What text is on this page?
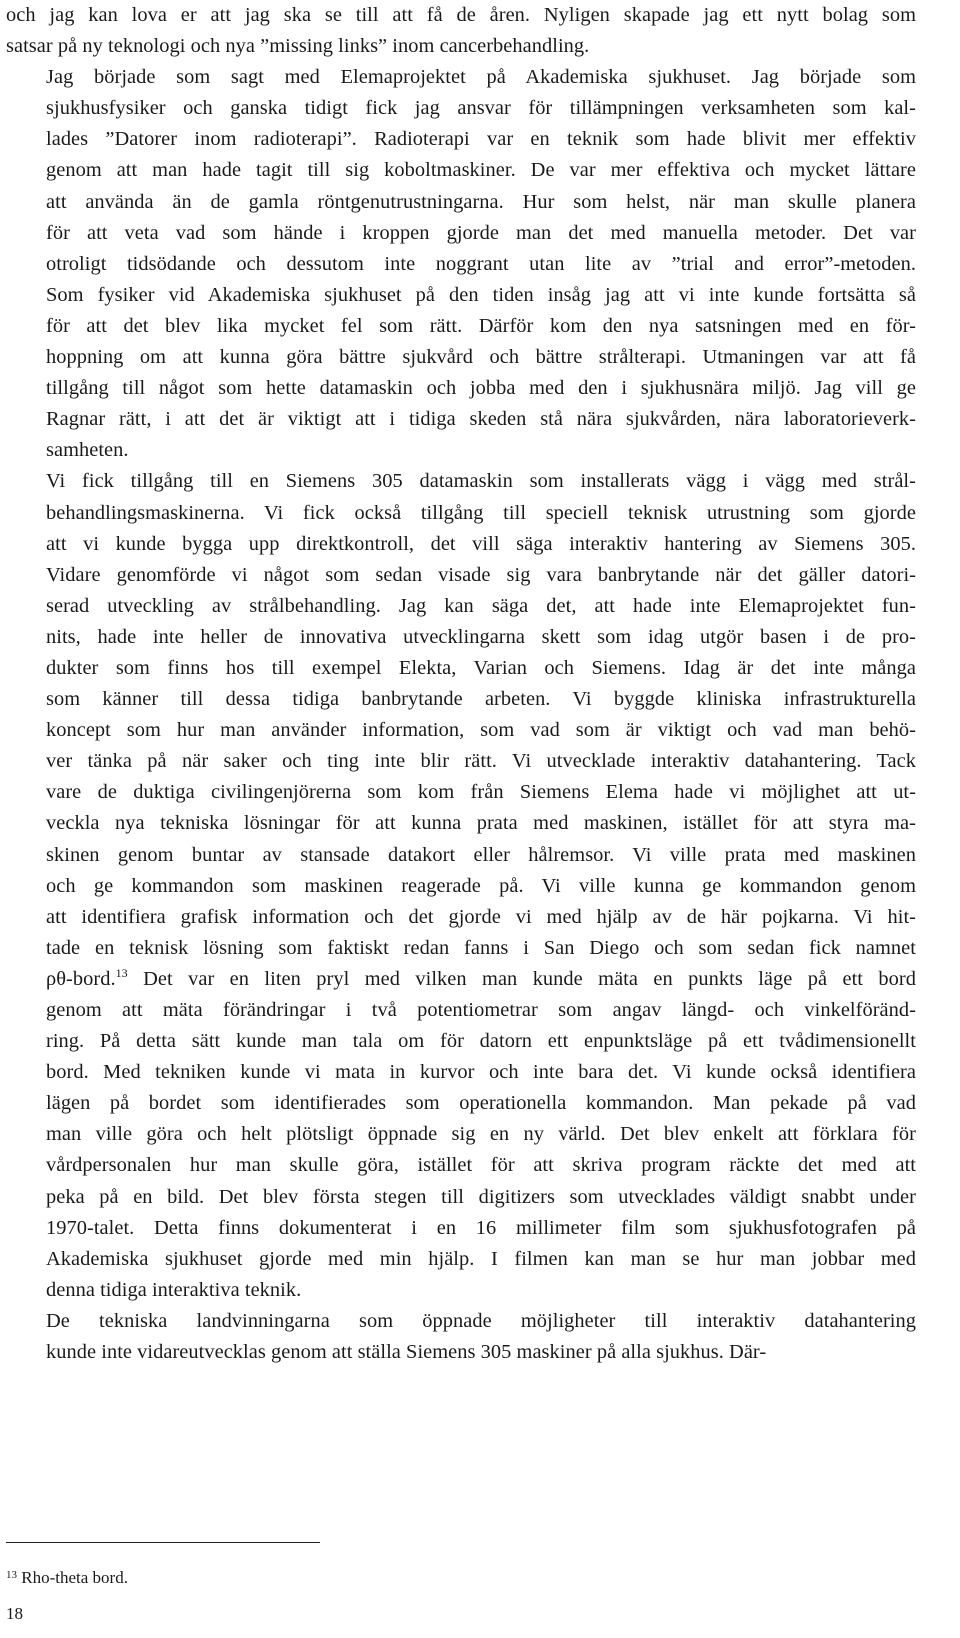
och jag kan lova er att jag ska se till att få de åren. Nyligen skapade jag ett nytt bolag som
satsar på ny teknologi och nya ”missing links” inom cancerbehandling.

Jag började som sagt med Elemaprojektet på Akademiska sjukhuset. Jag började som
sjukhusfysiker och ganska tidigt fick jag ansvar för tillämpningen verksamheten som kal-
lades ”Datorer inom radioterapi”. Radioterapi var en teknik som hade blivit mer effektiv
genom att man hade tagit till sig koboltmaskiner. De var mer effektiva och mycket lättare
att använda än de gamla röntgenutrustningarna. Hur som helst, när man skulle planera
för att veta vad som hände i kroppen gjorde man det med manuella metoder. Det var
otroligt tidsödande och dessutom inte noggrant utan lite av ”trial and error”-metoden.
Som fysiker vid Akademiska sjukhuset på den tiden insåg jag att vi inte kunde fortsätta så
för att det blev lika mycket fel som rätt. Därför kom den nya satsningen med en för-
hoppning om att kunna göra bättre sjukvård och bättre strålterapi. Utmaningen var att få
tillgång till något som hette datamaskin och jobba med den i sjukhusnära miljö. Jag vill ge
Ragnar rätt, i att det är viktigt att i tidiga skeden stå nära sjukvården, nära laboratorieverk-
samheten.

Vi fick tillgång till en Siemens 305 datamaskin som installerats vägg i vägg med strål-
behandlingsmaskinerna. Vi fick också tillgång till speciell teknisk utrustning som gjorde
att vi kunde bygga upp direktkontroll, det vill säga interaktiv hantering av Siemens 305.
Vidare genomförde vi något som sedan visade sig vara banbrytande när det gäller datori-
serad utveckling av strålbehandling. Jag kan säga det, att hade inte Elemaprojektet fun-
nits, hade inte heller de innovativa utvecklingarna skett som idag utgör basen i de pro-
dukter som finns hos till exempel Elekta, Varian och Siemens. Idag är det inte många
som känner till dessa tidiga banbrytande arbeten. Vi byggde kliniska infrastrukturella
koncept som hur man använder information, som vad som är viktigt och vad man behö-
ver tänka på när saker och ting inte blir rätt. Vi utvecklade interaktiv datahantering. Tack
vare de duktiga civilingenjörerna som kom från Siemens Elema hade vi möjlighet att ut-
veckla nya tekniska lösningar för att kunna prata med maskinen, istället för att styra ma-
skinen genom buntar av stansade datakort eller hålremsor. Vi ville prata med maskinen
och ge kommandon som maskinen reagerade på. Vi ville kunna ge kommandon genom
att identifiera grafisk information och det gjorde vi med hjälp av de här pojkarna. Vi hit-
tade en teknisk lösning som faktiskt redan fanns i San Diego och som sedan fick namnet
ρθ-bord.$^{13}$ Det var en liten pryl med vilken man kunde mäta en punkts läge på ett bord
genom att mäta förändringar i två potentiometrar som angav längd- och vinkelföränd-
ring. På detta sätt kunde man tala om för datorn ett enpunktsläge på ett tvådimensionellt
bord. Med tekniken kunde vi mata in kurvor och inte bara det. Vi kunde också identifiera
lägen på bordet som identifierades som operationella kommandon. Man pekade på vad
man ville göra och helt plötsligt öppnade sig en ny värld. Det blev enkelt att förklara för
vårdpersonalen hur man skulle göra, istället för att skriva program räckte det med att
peka på en bild. Det blev första stegen till digitizers som utvecklades väldigt snabbt under
1970-talet. Detta finns dokumenterat i en 16 millimeter film som sjukhusfotografen på
Akademiska sjukhuset gjorde med min hjälp. I filmen kan man se hur man jobbar med
denna tidiga interaktiva teknik.

De tekniska landvinningarna som öppnade möjligheter till interaktiv datahantering
kunde inte vidareutvecklas genom att ställa Siemens 305 maskiner på alla sjukhus. Där-

$^{13}$ Rho-theta bord.
18
